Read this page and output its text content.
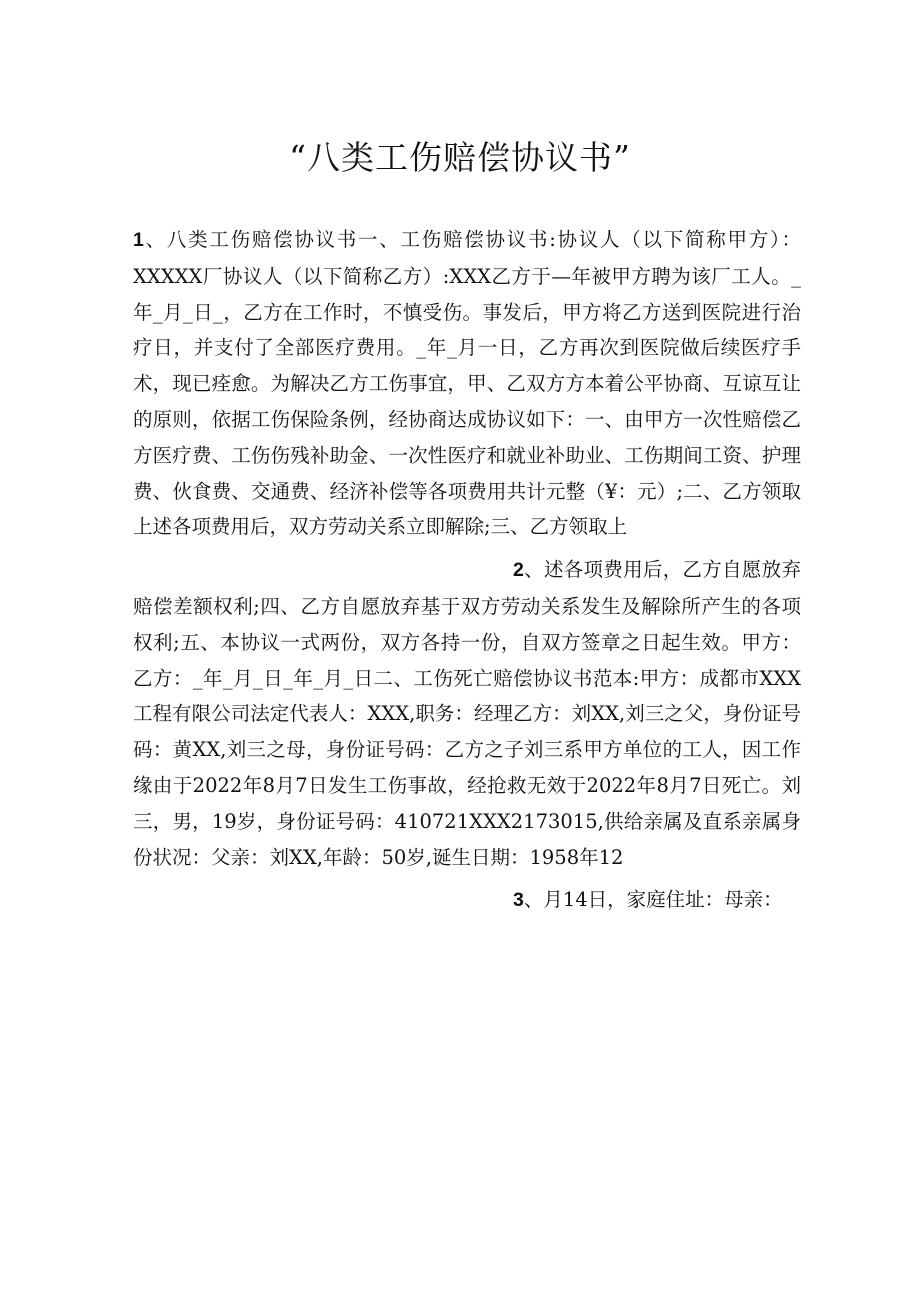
“八类工伤赔偿协议书”

1、八类工伤赔偿协议书一、工伤赔偿协议书:协议人（以下简称甲方）：XXXXX厂协议人（以下简称乙方）:XXX乙方于—年被甲方聘为该厂工人。_年_月_日_，乙方在工作时，不慎受伤。事发后，甲方将乙方送到医院进行治疗日，并支付了全部医疗费用。_年_月一日，乙方再次到医院做后续医疗手术，现已痊愈。为解决乙方工伤事宜，甲、乙双方方本着公平协商、互谅互让的原则，依据工伤保险条例，经协商达成协议如下：一、由甲方一次性赔偿乙方医疗费、工伤伤残补助金、一次性医疗和就业补助业、工伤期间工资、护理费、伙食费、交通费、经济补偿等各项费用共计元整（¥：元）;二、乙方领取上述各项费用后，双方劳动关系立即解除;三、乙方领取上

2、述各项费用后，乙方自愿放弃赔偿差额权利;四、乙方自愿放弃基于双方劳动关系发生及解除所产生的各项权利;五、本协议一式两份，双方各持一份，自双方签章之日起生效。甲方：乙方：_年_月_日_年_月_日二、工伤死亡赔偿协议书范本:甲方：成都市XXX工程有限公司法定代表人：XXX,职务：经理乙方：刘XX,刘三之父，身份证号码：黄XX,刘三之母，身份证号码：乙方之子刘三系甲方单位的工人，因工作缘由于2022年8月7日发生工伤事故，经抢救无效于2022年8月7日死亡。刘三，男，19岁，身份证号码：410721XXX2173015,供给亲属及直系亲属身份状况：父亲：刘XX,年龄：50岁,诞生日期：1958年12

3、月14日，家庭住址：母亲：
